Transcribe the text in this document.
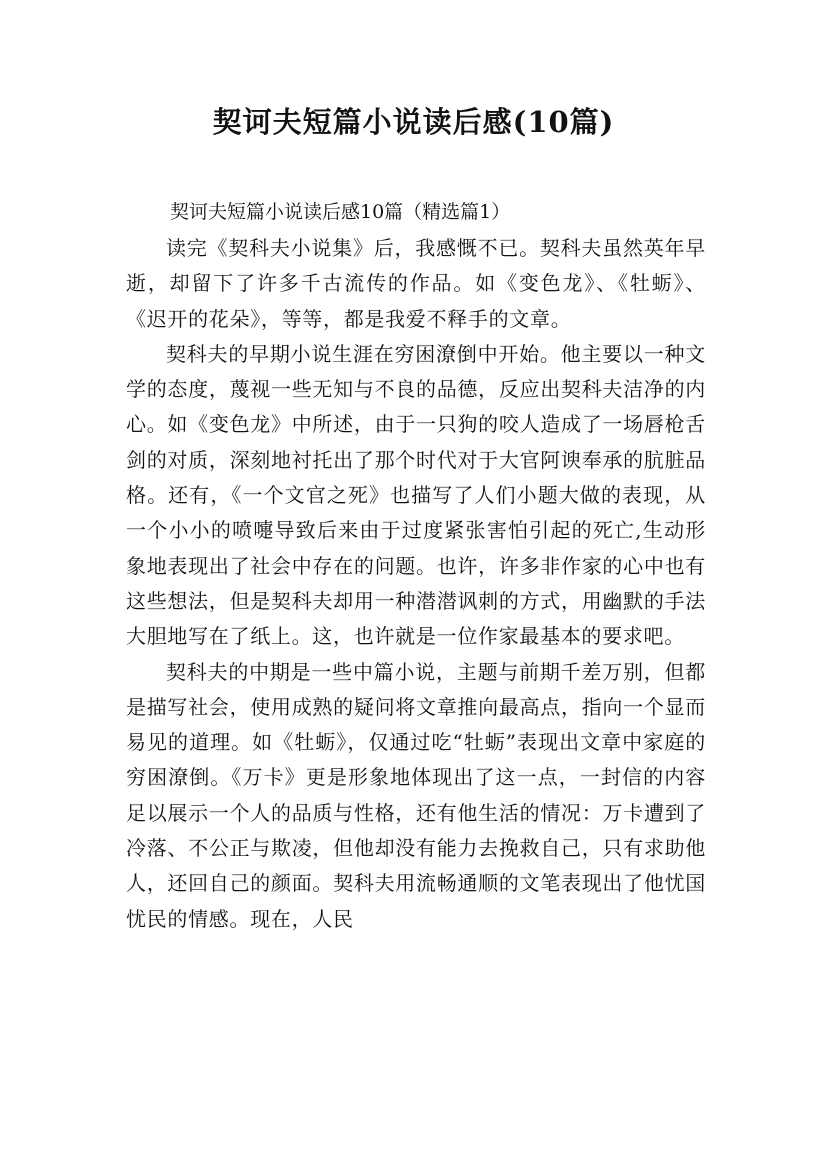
契诃夫短篇小说读后感(10篇)

契诃夫短篇小说读后感10篇（精选篇1）

读完《契科夫小说集》后，我感慨不已。契科夫虽然英年早逝，却留下了许多千古流传的作品。如《变色龙》、《牡蛎》、《迟开的花朵》，等等，都是我爱不释手的文章。

契科夫的早期小说生涯在穷困潦倒中开始。他主要以一种文学的态度，蔑视一些无知与不良的品德，反应出契科夫洁净的内心。如《变色龙》中所述，由于一只狗的咬人造成了一场唇枪舌剑的对质，深刻地衬托出了那个时代对于大官阿谀奉承的肮脏品格。还有，《一个文官之死》也描写了人们小题大做的表现，从一个小小的喷嚏导致后来由于过度紧张害怕引起的死亡,生动形象地表现出了社会中存在的问题。也许，许多非作家的心中也有这些想法，但是契科夫却用一种潜潜讽刺的方式，用幽默的手法大胆地写在了纸上。这，也许就是一位作家最基本的要求吧。

契科夫的中期是一些中篇小说，主题与前期千差万别，但都是描写社会，使用成熟的疑问将文章推向最高点，指向一个显而易见的道理。如《牡蛎》，仅通过吃“牡蛎”表现出文章中家庭的穷困潦倒。《万卡》更是形象地体现出了这一点，一封信的内容足以展示一个人的品质与性格，还有他生活的情况：万卡遭到了冷落、不公正与欺凌，但他却没有能力去挽救自己，只有求助他人，还回自己的颜面。契科夫用流畅通顺的文笔表现出了他忧国忧民的情感。现在，人民
